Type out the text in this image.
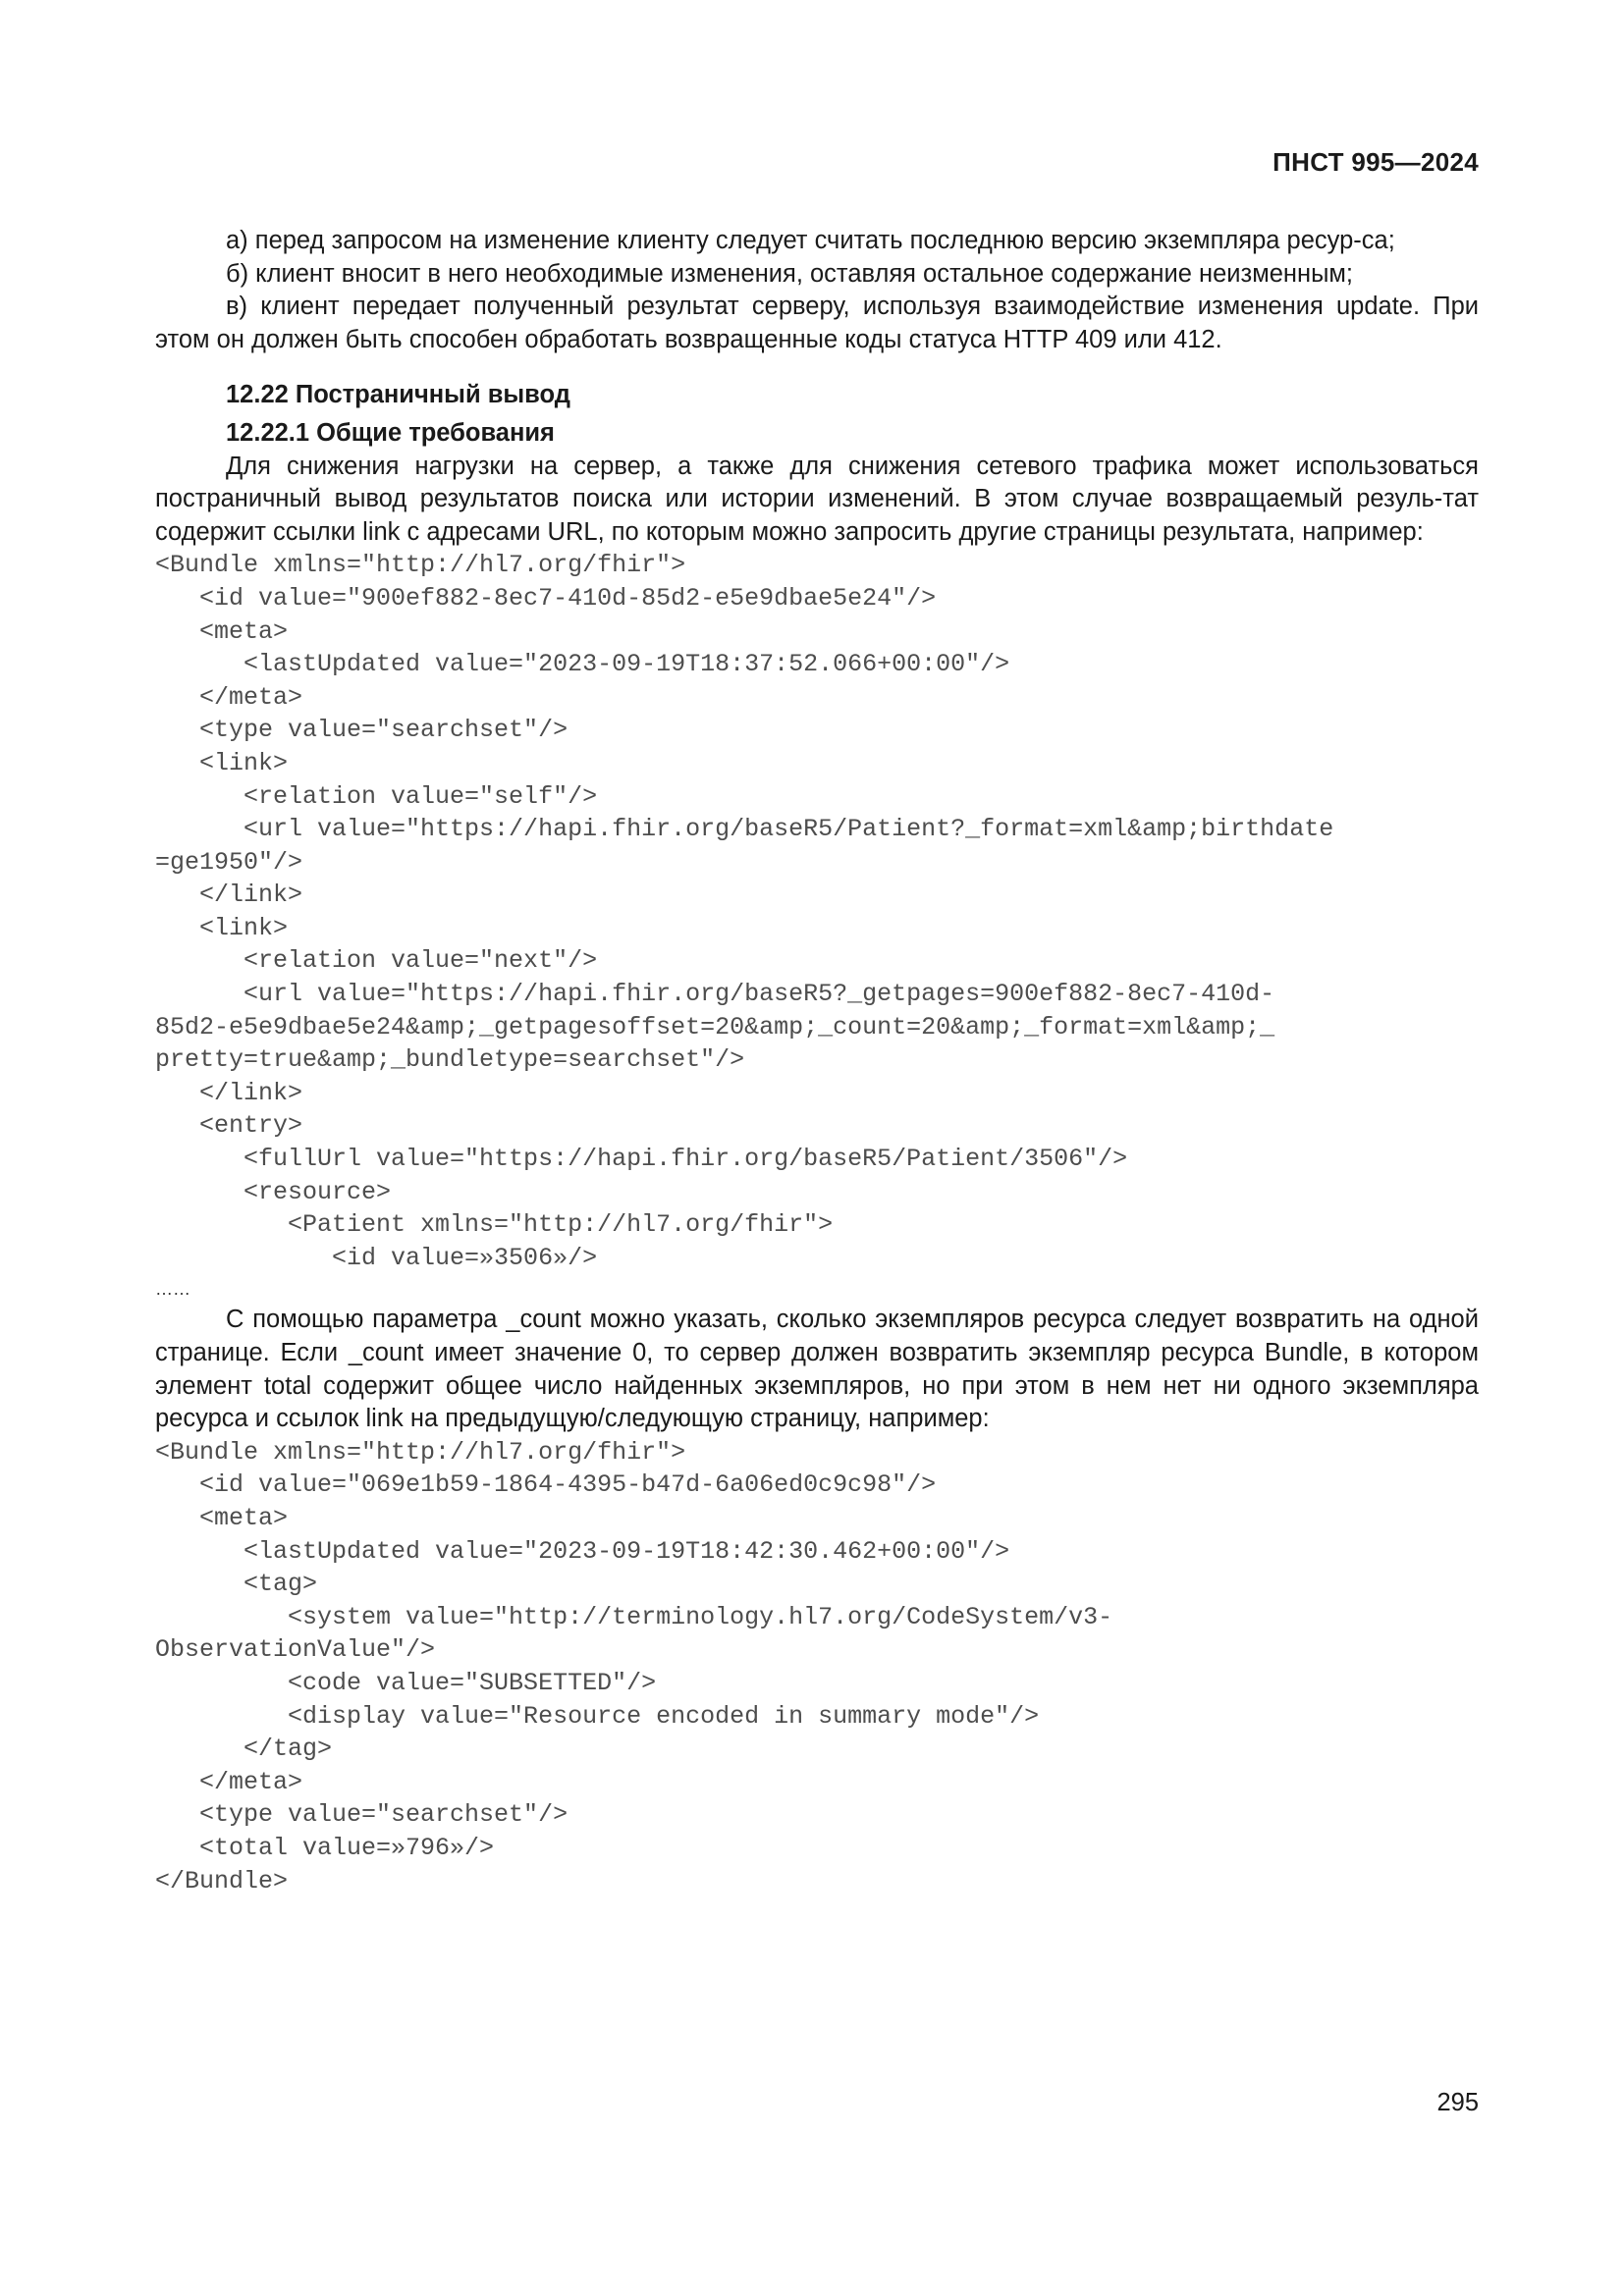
ПНСТ 995—2024

а) перед запросом на изменение клиенту следует считать последнюю версию экземпляра ресур-са;

б) клиент вносит в него необходимые изменения, оставляя остальное содержание неизменным;

в) клиент передает полученный результат серверу, используя взаимодействие изменения update. При этом он должен быть способен обработать возвращенные коды статуса HTTP 409 или 412.

12.22 Постраничный вывод
12.22.1 Общие требования

Для снижения нагрузки на сервер, а также для снижения сетевого трафика может использоваться постраничный вывод результатов поиска или истории изменений. В этом случае возвращаемый резуль-тат содержит ссылки link с адресами URL, по которым можно запросить другие страницы результата, например:

<Bundle xmlns="http://hl7.org/fhir">
<id value="900ef882-8ec7-410d-85d2-e5e9dbae5e24"/>
<meta>
<lastUpdated value="2023-09-19T18:37:52.066+00:00"/>
</meta>
<type value="searchset"/>
<link>
<relation value="self"/>
<url value="https://hapi.fhir.org/baseR5/Patient?_format=xml&amp;birthdate
=ge1950"/>
</link>
<link>
<relation value="next"/>
<url value="https://hapi.fhir.org/baseR5?_getpages=900ef882-8ec7-410d-
85d2-e5e9dbae5e24&amp;_getpagesoffset=20&amp;_count=20&amp;_format=xml&amp;_
pretty=true&amp;_bundletype=searchset"/>
</link>
<entry>
<fullUrl value="https://hapi.fhir.org/baseR5/Patient/3506"/>
<resource>
<Patient xmlns="http://hl7.org/fhir">
<id value=»3506»/>
……

С помощью параметра _count можно указать, сколько экземпляров ресурса следует возвратить на одной странице. Если _count имеет значение 0, то сервер должен возвратить экземпляр ресурса Bundle, в котором элемент total содержит общее число найденных экземпляров, но при этом в нем нет ни одного экземпляра ресурса и ссылок link на предыдущую/следующую страницу, например:

<Bundle xmlns="http://hl7.org/fhir">
<id value="069e1b59-1864-4395-b47d-6a06ed0c9c98"/>
<meta>
<lastUpdated value="2023-09-19T18:42:30.462+00:00"/>
<tag>
<system value="http://terminology.hl7.org/CodeSystem/v3-
ObservationValue"/>
<code value="SUBSETTED"/>
<display value="Resource encoded in summary mode"/>
</tag>
</meta>
<type value="searchset"/>
<total value=»796»/>
</Bundle>
295
